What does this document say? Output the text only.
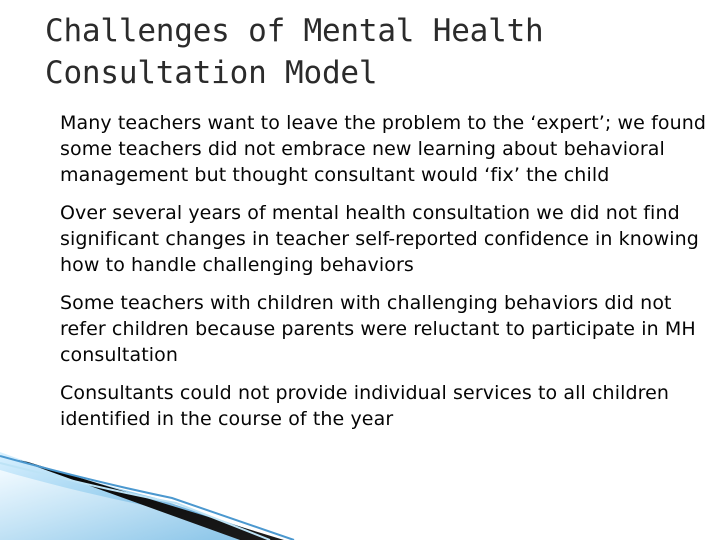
Challenges of Mental Health Consultation Model
Many teachers want to leave the problem to the ‘expert’; we found some teachers did not embrace new learning about behavioral management but thought consultant would ‘fix’ the child
Over several years of mental health consultation we did not find significant changes in teacher self-reported confidence in knowing how to handle challenging behaviors
Some teachers with children with challenging behaviors did not refer children because parents were reluctant to participate in MH consultation
Consultants could not provide individual services to all children identified in the course of the year
